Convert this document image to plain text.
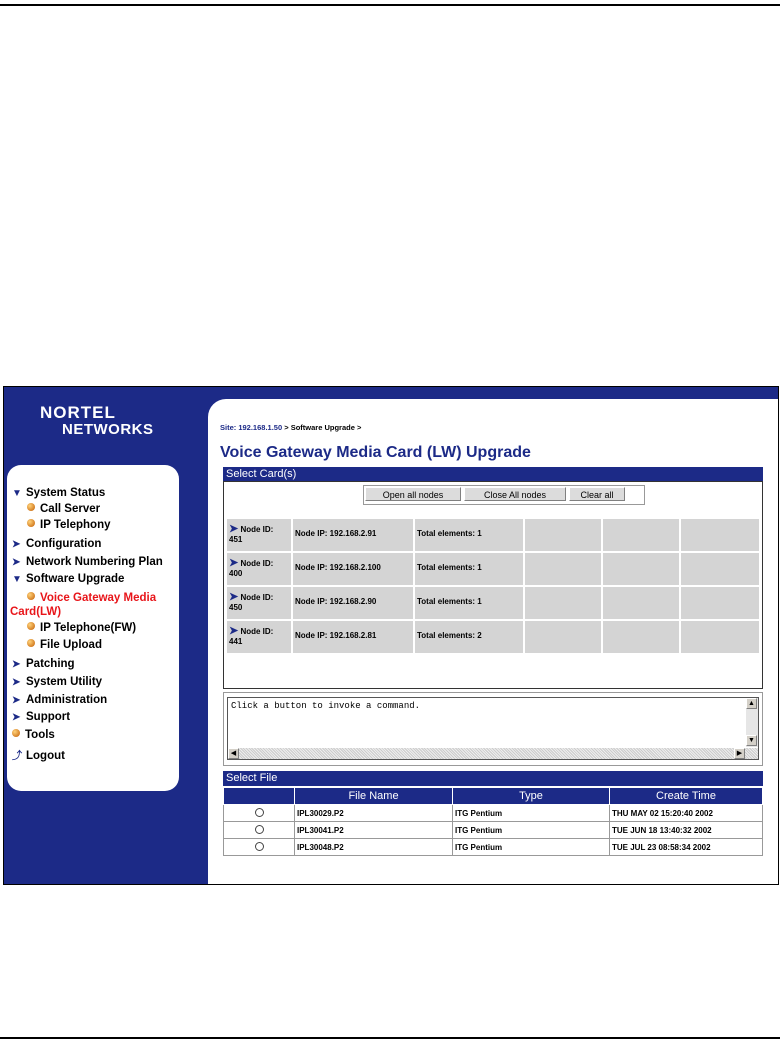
NORTEL
NETWORKS
▼ System Status
Call Server
IP Telephony
➤ Configuration
➤ Network Numbering Plan
▼ Software Upgrade
Voice Gateway Media
Card(LW)
IP Telephone(FW)
File Upload
➤ Patching
➤ System Utility
➤ Administration
➤ Support
Tools
⤴ Logout
Site: 192.168.1.50 > Software Upgrade >
Voice Gateway Media Card (LW) Upgrade
Select Card(s)
Open all nodes	Close All nodes	Clear all
➤ Node ID:
451
Node IP: 192.168.2.91	Total elements: 1
➤ Node ID:
400
Node IP: 192.168.2.100	Total elements: 1
➤ Node ID:
450
Node IP: 192.168.2.90	Total elements: 1
➤ Node ID:
441
Node IP: 192.168.2.81	Total elements: 2
Click a button to invoke a command.	▲
▼
◀	▶
Select File
	File Name	Type	Create Time
	IPL30029.P2	ITG Pentium	THU MAY 02 15:20:40 2002
	IPL30041.P2	ITG Pentium	TUE JUN 18 13:40:32 2002
	IPL30048.P2	ITG Pentium	TUE JUL 23 08:58:34 2002
